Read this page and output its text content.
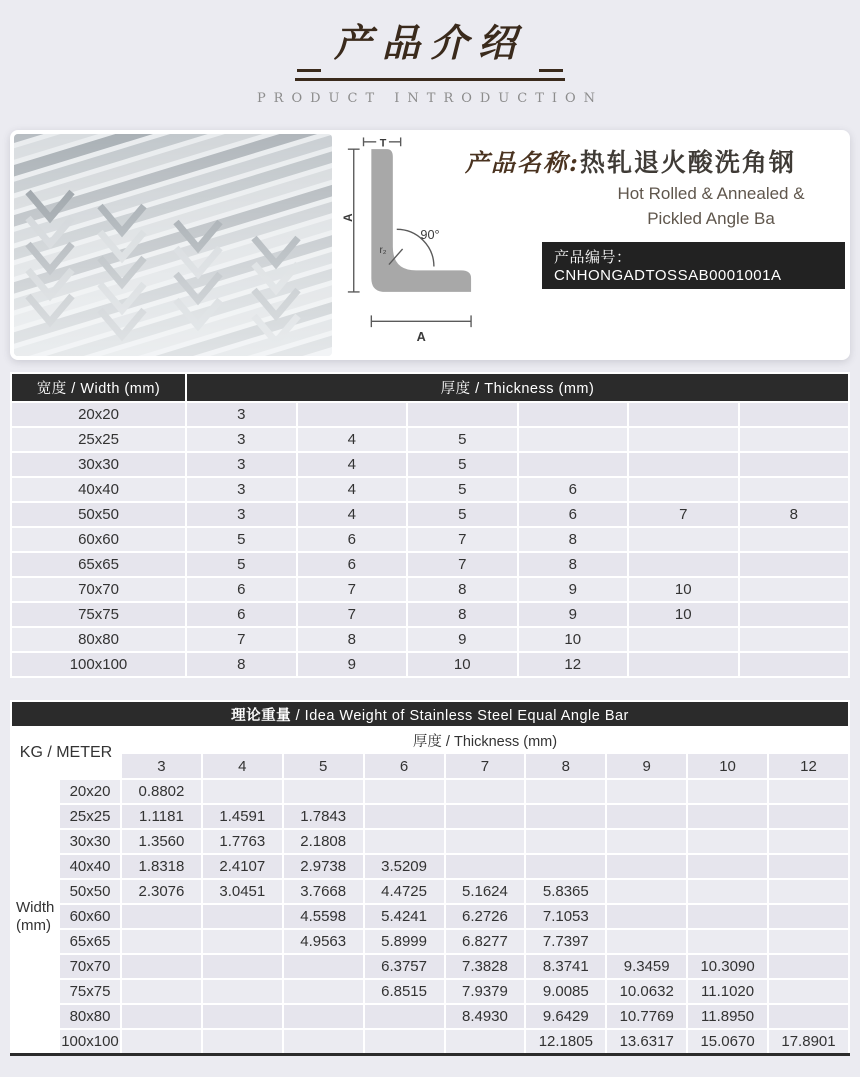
产品介绍
PRODUCT INTRODUCTION
T
A
A
90°
r₂
产品名称:热轧退火酸洗角钢
Hot Rolled & Annealed &
Pickled Angle Ba
产品编号：CNHONGADTOSSAB0001001A
宽度 / Width (mm)	厚度 / Thickness (mm)					
20x20	3					
25x25	3	4	5			
30x30	3	4	5			
40x40	3	4	5	6		
50x50	3	4	5	6	7	8
60x60	5	6	7	8		
65x65	5	6	7	8		
70x70	6	7	8	9	10	
75x75	6	7	8	9	10	
80x80	7	8	9	10		
100x100	8	9	10	12		
理论重量 / Idea Weight of Stainless Steel Equal Angle Bar										
KG / METER		厚度 / Thickness (mm)								
		3	4	5	6	7	8	9	10	12

Width
(mm)	20x20	0.8802								
	25x25	1.1181	1.4591	1.7843						
	30x30	1.3560	1.7763	2.1808						
	40x40	1.8318	2.4107	2.9738	3.5209					
	50x50	2.3076	3.0451	3.7668	4.4725	5.1624	5.8365			
	60x60			4.5598	5.4241	6.2726	7.1053			
	65x65			4.9563	5.8999	6.8277	7.7397			
	70x70				6.3757	7.3828	8.3741	9.3459	10.3090	
	75x75				6.8515	7.9379	9.0085	10.0632	11.1020	
	80x80					8.4930	9.6429	10.7769	11.8950	
	100x100						12.1805	13.6317	15.0670	17.8901
